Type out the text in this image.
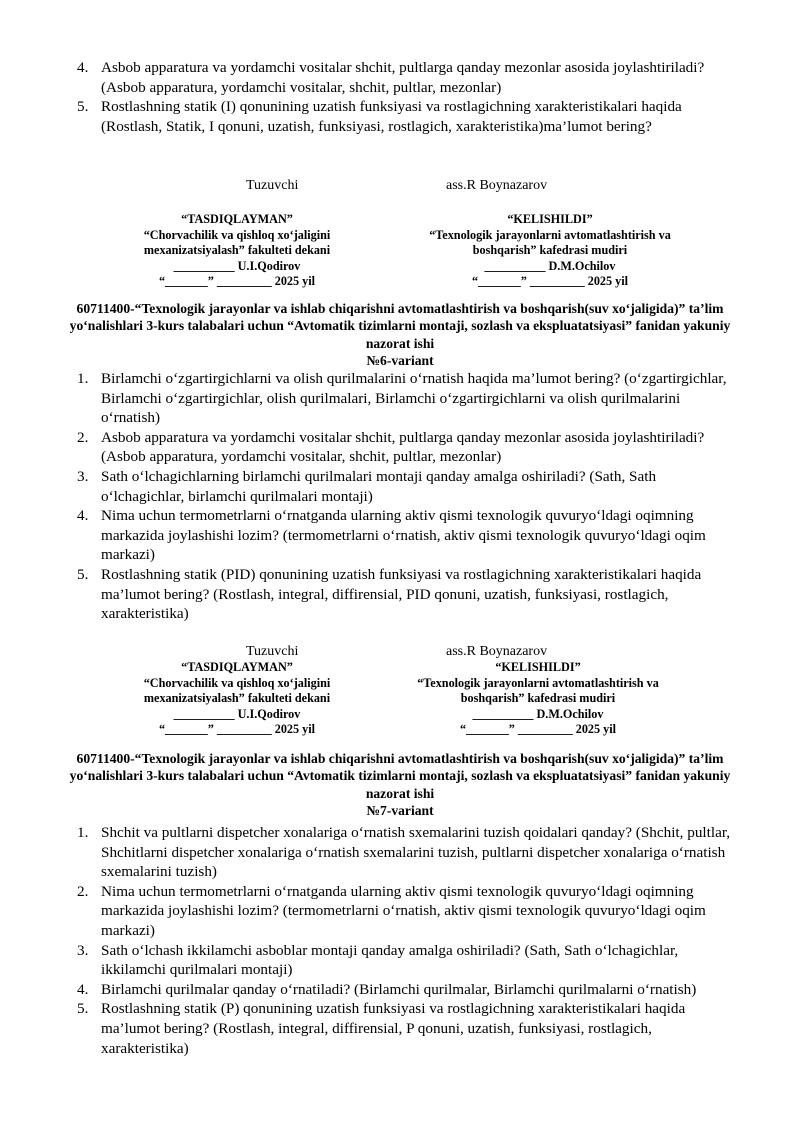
4. Asbob apparatura va yordamchi vositalar shchit, pultlarga qanday mezonlar asosida joylashtiriladi? (Asbob apparatura, yordamchi vositalar, shchit, pultlar, mezonlar)
5. Rostlashning statik (I) qonunining uzatish funksiyasi va rostlagichning xarakteristikalari haqida (Rostlash, Statik, I qonuni, uzatish, funksiyasi, rostlagich, xarakteristika)ma’lumot bering?
Tuzuvchi	ass.R Boynazarov
“TASDIQLAYMAN”
“Chorvachilik va qishloq xo‘jaligini
mexanizatsiyalash” fakulteti dekani
__________ U.I.Qodirov
“_______” _________ 2025 yil
“KELISHILDI”
“Texnologik jarayonlarni avtomatlashtirish va
boshqarish” kafedrasi mudiri
__________ D.M.Ochilov
“_______” _________ 2025 yil
60711400-“Texnologik jarayonlar va ishlab chiqarishni avtomatlashtirish va boshqarish(suv xo‘jaligida)” ta’lim yo‘nalishlari 3-kurs talabalari uchun “Avtomatik tizimlarni montaji, sozlash va ekspluatatsiyasi” fanidan yakuniy nazorat ishi
№6-variant
1. Birlamchi o‘zgartirgichlarni va olish qurilmalarini o‘rnatish haqida ma’lumot bering? (o‘zgartirgichlar, Birlamchi o‘zgartirgichlar, olish qurilmalari, Birlamchi o‘zgartirgichlarni va olish qurilmalarini o‘rnatish)
2. Asbob apparatura va yordamchi vositalar shchit, pultlarga qanday mezonlar asosida joylashtiriladi? (Asbob apparatura, yordamchi vositalar, shchit, pultlar, mezonlar)
3. Sath o‘lchagichlarning birlamchi qurilmalari montaji qanday amalga oshiriladi? (Sath, Sath o‘lchagichlar, birlamchi qurilmalari montaji)
4. Nima uchun termometrlarni o‘rnatganda ularning aktiv qismi texnologik quvuryo‘ldagi oqimning markazida joylashishi lozim? (termometrlarni o‘rnatish, aktiv qismi texnologik quvuryo‘ldagi oqim markazi)
5. Rostlashning statik (PID) qonunining uzatish funksiyasi va rostlagichning xarakteristikalari haqida ma’lumot bering? (Rostlash, integral, diffirensial, PID qonuni, uzatish, funksiyasi, rostlagich, xarakteristika)
Tuzuvchi	ass.R Boynazarov
“TASDIQLAYMAN”
“Chorvachilik va qishloq xo‘jaligini
mexanizatsiyalash” fakulteti dekani
__________ U.I.Qodirov
“_______” _________ 2025 yil
“KELISHILDI”
“Texnologik jarayonlarni avtomatlashtirish va
boshqarish” kafedrasi mudiri
__________ D.M.Ochilov
“_______” _________ 2025 yil
60711400-“Texnologik jarayonlar va ishlab chiqarishni avtomatlashtirish va boshqarish(suv xo‘jaligida)” ta’lim yo‘nalishlari 3-kurs talabalari uchun “Avtomatik tizimlarni montaji, sozlash va ekspluatatsiyasi” fanidan yakuniy nazorat ishi
№7-variant
1. Shchit va pultlarni dispetcher xonalariga o‘rnatish sxemalarini tuzish qoidalari qanday? (Shchit, pultlar, Shchitlarni dispetcher xonalariga o‘rnatish sxemalarini tuzish, pultlarni dispetcher xonalariga o‘rnatish sxemalarini tuzish)
2. Nima uchun termometrlarni o‘rnatganda ularning aktiv qismi texnologik quvuryo‘ldagi oqimning markazida joylashishi lozim? (termometrlarni o‘rnatish, aktiv qismi texnologik quvuryo‘ldagi oqim markazi)
3. Sath o‘lchash ikkilamchi asboblar montaji qanday amalga oshiriladi? (Sath, Sath o‘lchagichlar, ikkilamchi qurilmalari montaji)
4. Birlamchi qurilmalar qanday o‘rnatiladi? (Birlamchi qurilmalar, Birlamchi qurilmalarni o‘rnatish)
5. Rostlashning statik (P) qonunining uzatish funksiyasi va rostlagichning xarakteristikalari haqida ma’lumot bering? (Rostlash, integral, diffirensial, P qonuni, uzatish, funksiyasi, rostlagich, xarakteristika)
